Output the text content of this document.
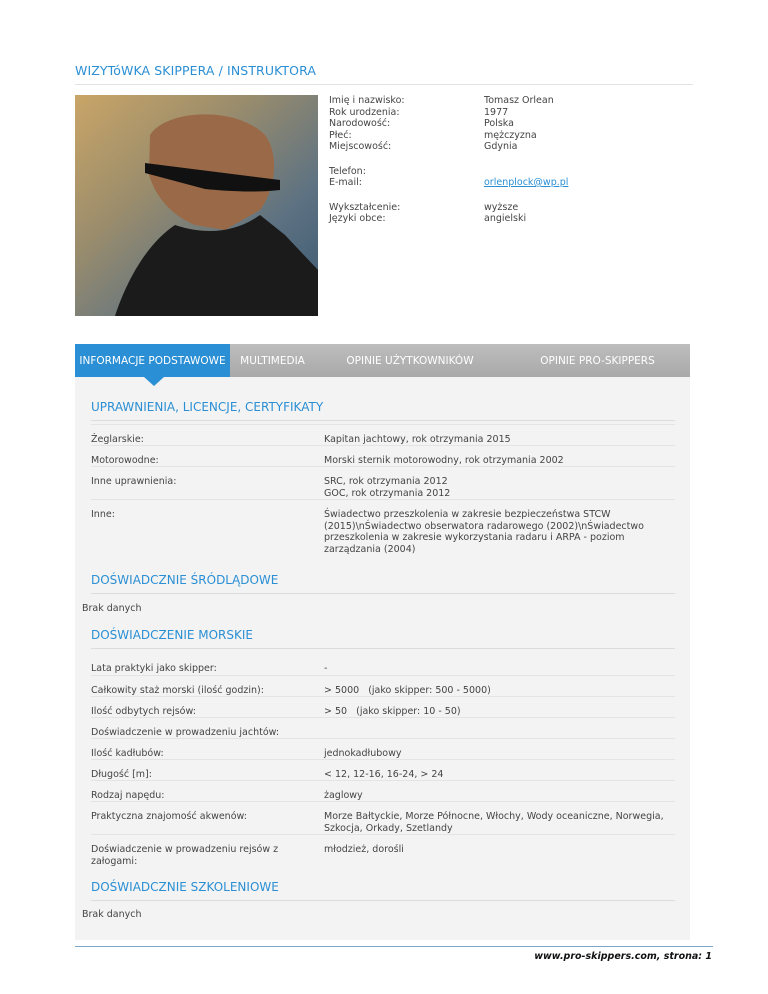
WIZYTóWKA SKIPPERA / INSTRUKTORA
Imię i nazwisko:	Tomasz Orlean
Rok urodzenia:	1977
Narodowość:	Polska
Płeć:	mężczyzna
Miejscowość:	Gdynia
Telefon:
E-mail:	orlenplock@wp.pl
Wykształcenie:	wyższe
Języki obce:	angielski
INFORMACJE PODSTAWOWE	MULTIMEDIA	OPINIE UŻYTKOWNIKÓW	OPINIE PRO-SKIPPERS
UPRAWNIENIA, LICENCJE, CERTYFIKATY
Żeglarskie:	Kapitan jachtowy, rok otrzymania 2015
Motorowodne:	Morski sternik motorowodny, rok otrzymania 2002
Inne uprawnienia:	SRC, rok otrzymania 2012
GOC, rok otrzymania 2012
Inne:	Świadectwo przeszkolenia w zakresie bezpieczeństwa STCW
(2015)\nŚwiadectwo obserwatora radarowego (2002)\nŚwiadectwo
przeszkolenia w zakresie wykorzystania radaru i ARPA - poziom
zarządzania (2004)
DOŚWIADCZNIE ŚRÓDLĄDOWE
Brak danych
DOŚWIADCZENIE MORSKIE
Lata praktyki jako skipper:	-
Całkowity staż morski (ilość godzin):	> 5000   (jako skipper: 500 - 5000)
Ilość odbytych rejsów:	> 50   (jako skipper: 10 - 50)
Doświadczenie w prowadzeniu jachtów:
Ilość kadłubów:	jednokadłubowy
Długość [m]:	< 12, 12-16, 16-24, > 24
Rodzaj napędu:	żaglowy
Praktyczna znajomość akwenów:	Morze Bałtyckie, Morze Północne, Włochy, Wody oceaniczne, Norwegia,
Szkocja, Orkady, Szetlandy
Doświadczenie w prowadzeniu rejsów z
załogami:
młodzież, dorośli
DOŚWIADCZNIE SZKOLENIOWE
Brak danych
www.pro-skippers.com, strona: 1
